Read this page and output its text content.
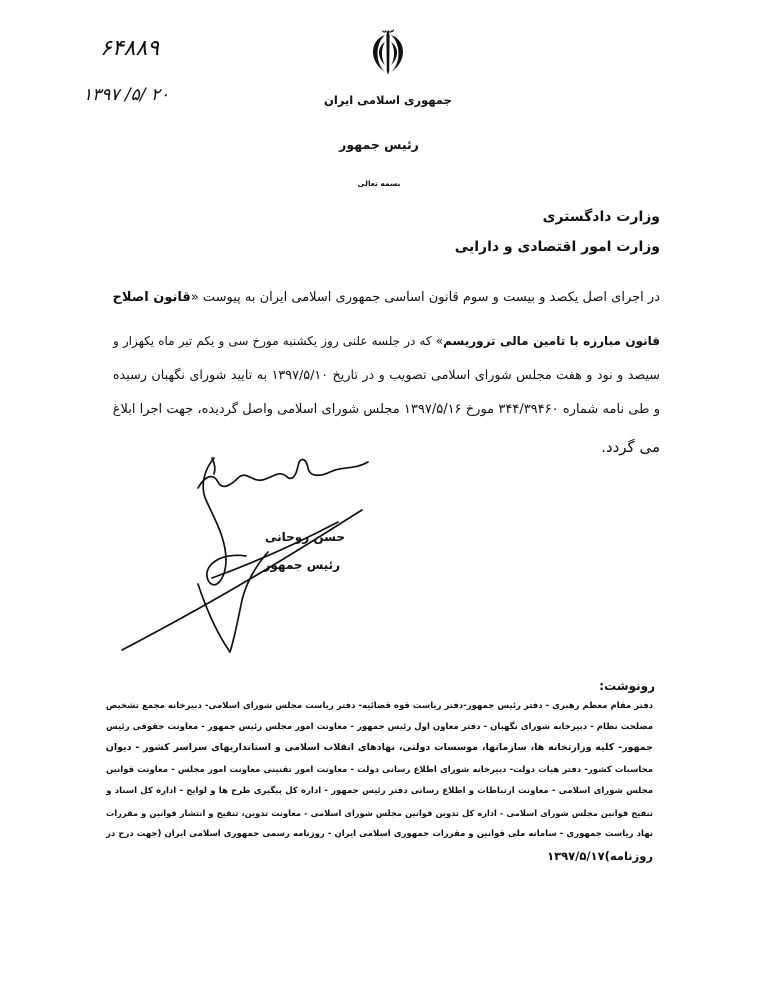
۶۴۸۸۹
۱۳۹۷ /۵/ ۲۰	جمهوری اسلامی ایران
رئیس جمهور
بسمه تعالی
وزارت دادگستری
وزارت امور اقتصادی و دارایی
در اجرای اصل یکصد و بیست و سوم قانون اساسی جمهوری اسلامی ایران به پیوست «قانون اصلاح
قانون مبارزه با تامین مالی تروریسم» که در جلسه علنی روز یکشنبه مورخ سی و یکم تیر ماه یکهزار و
سیصد و نود و هفت مجلس شورای اسلامی تصویب و در تاریخ ۱۳۹۷/۵/۱۰ به تایید شورای نگهبان رسیده
و طی نامه شماره ۳۴۴/۳۹۴۶۰ مورخ ۱۳۹۷/۵/۱۶ مجلس شورای اسلامی واصل گردیده، جهت اجرا ابلاغ
می گردد.
حسن روحانی
رئیس جمهور
رونوشت:
دفتر مقام معظم رهبری - دفتر رئیس جمهور-دفتر ریاست قوه قضائیه- دفتر ریاست مجلس شورای اسلامی- دبیرخانه مجمع تشخیص
مصلحت نظام - دبیرخانه شورای نگهبان - دفتر معاون اول رئیس جمهور - معاونت امور مجلس رئیس جمهور - معاونت حقوقی رئیس
جمهور- کلیه وزارتخانه ها، سازمانها، موسسات دولتی، نهادهای انقلاب اسلامی و استانداریهای سراسر کشور - دیوان
محاسبات کشور- دفتر هیات دولت- دبیرخانه شورای اطلاع رسانی دولت - معاونت امور تقنینی معاونت امور مجلس - معاونت قوانین
مجلس شورای اسلامی - معاونت ارتباطات و اطلاع رسانی دفتر رئیس جمهور - اداره کل پیگیری طرح ها و لوایح - اداره کل اسناد و
تنقیح قوانین مجلس شورای اسلامی - اداره کل تدوین قوانین مجلس شورای اسلامی - معاونت تدوین، تنقیح و انتشار قوانین و مقررات
نهاد ریاست جمهوری - سامانه ملی قوانین و مقررات جمهوری اسلامی ایران - روزنامه رسمی جمهوری اسلامی ایران (جهت درج در
روزنامه)۱۳۹۷/۵/۱۷
